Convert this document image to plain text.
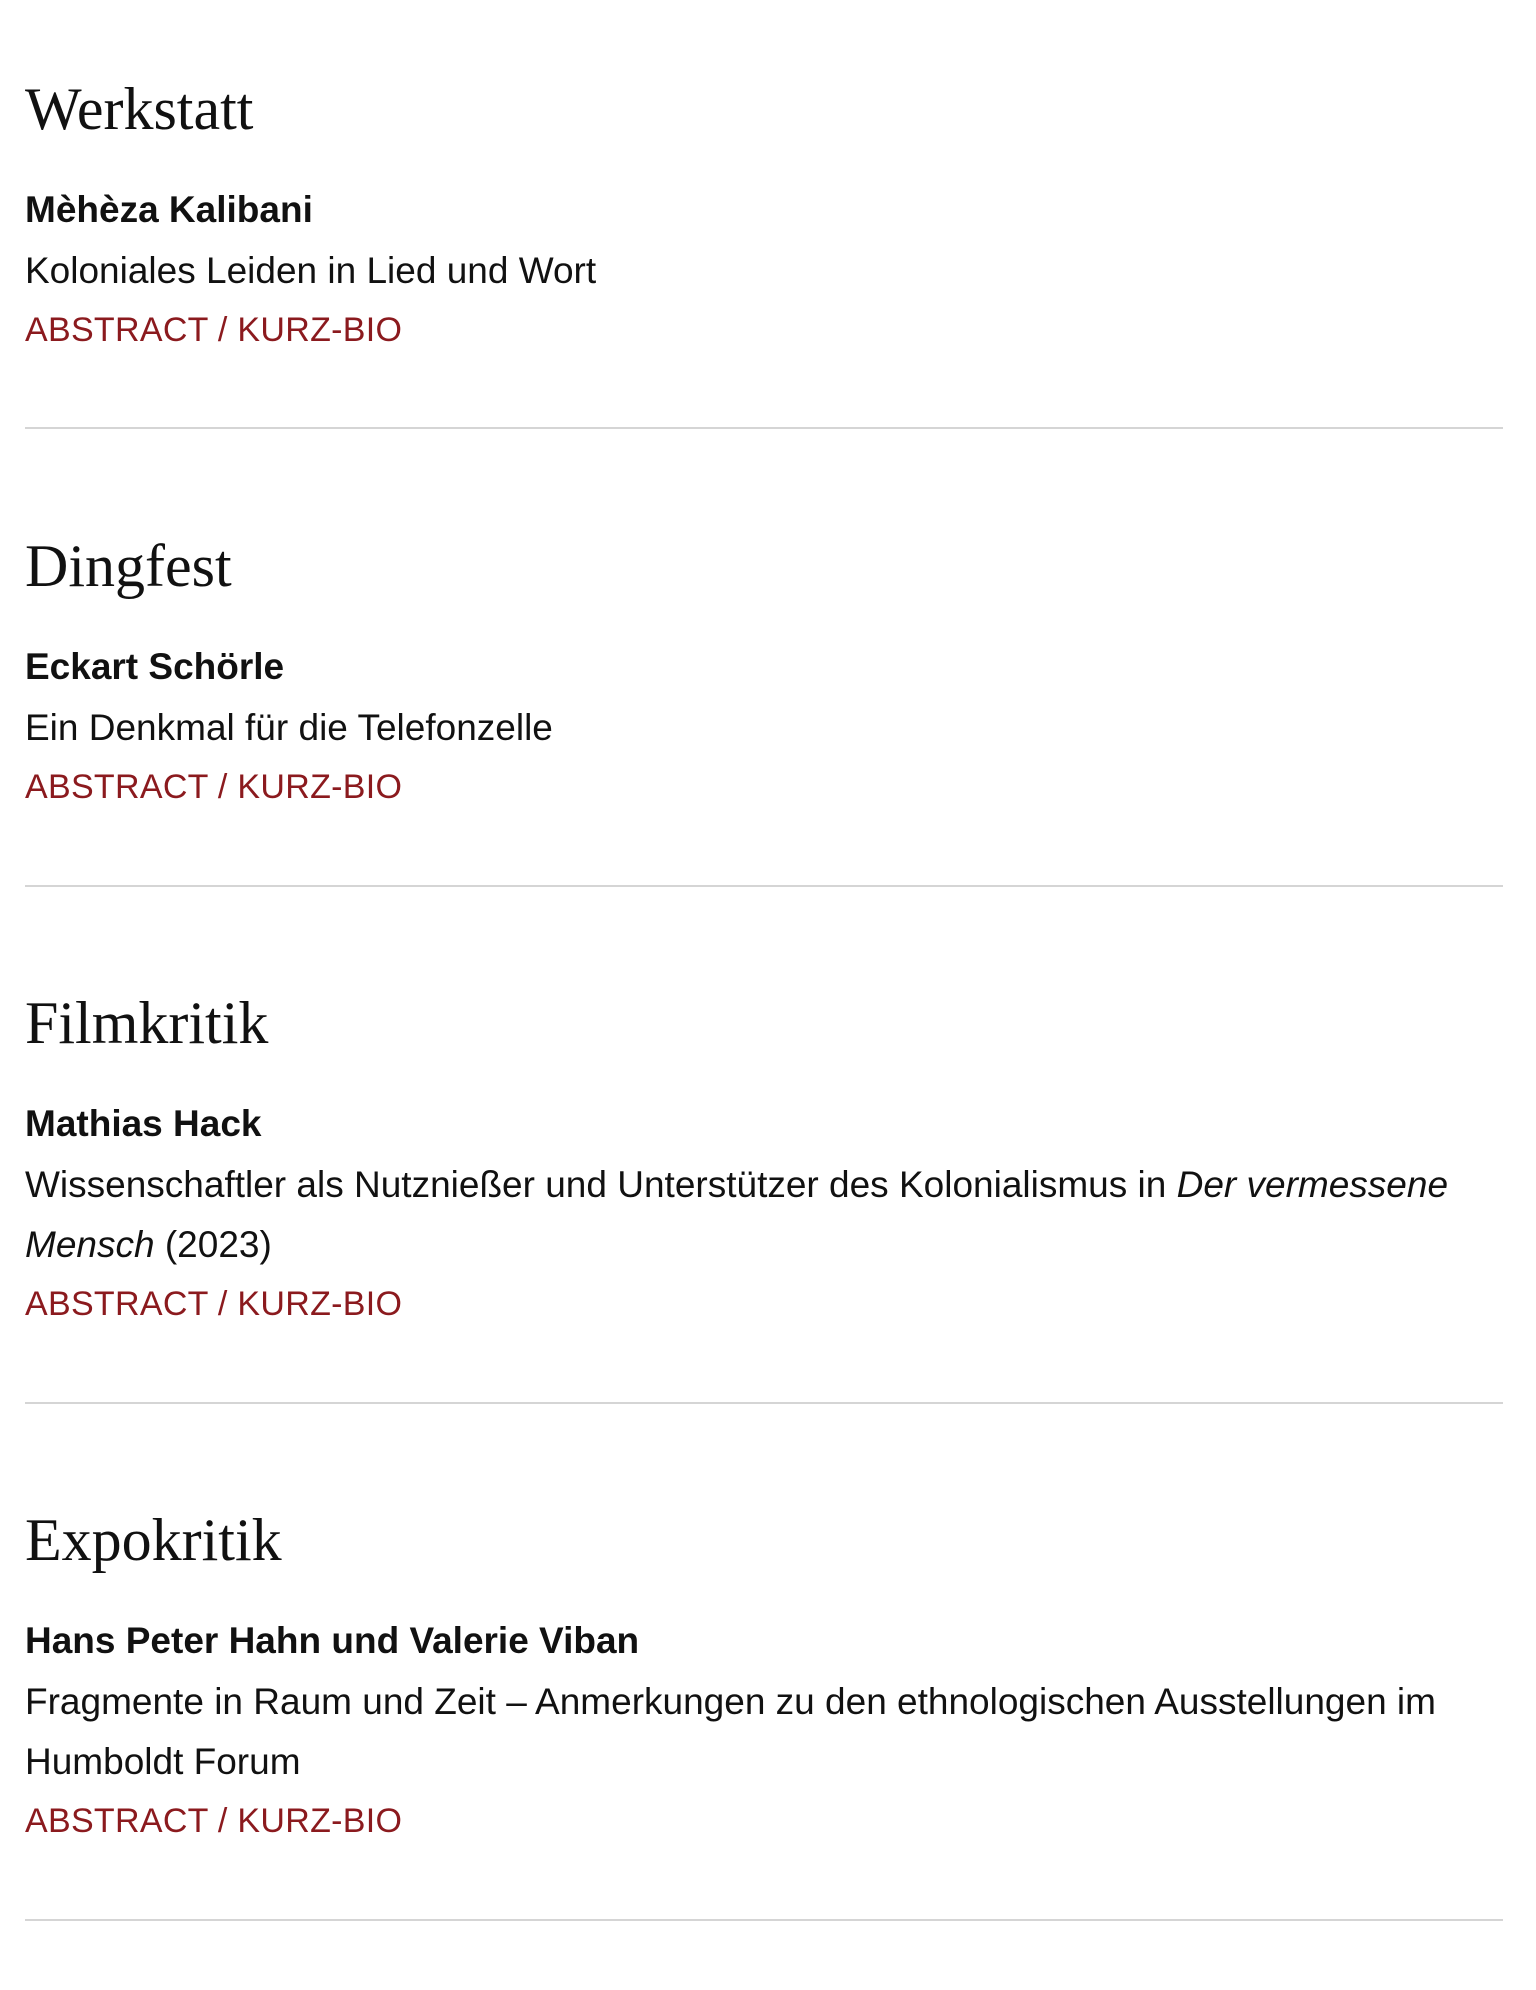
Werkstatt
Mèhèza Kalibani
Koloniales Leiden in Lied und Wort
ABSTRACT / KURZ-BIO
Dingfest
Eckart Schörle
Ein Denkmal für die Telefonzelle
ABSTRACT / KURZ-BIO
Filmkritik
Mathias Hack
Wissenschaftler als Nutznießer und Unterstützer des Kolonialismus in Der vermessene Mensch (2023)
ABSTRACT / KURZ-BIO
Expokritik
Hans Peter Hahn und Valerie Viban
Fragmente in Raum und Zeit – Anmerkungen zu den ethnologischen Ausstellungen im Humboldt Forum
ABSTRACT / KURZ-BIO
